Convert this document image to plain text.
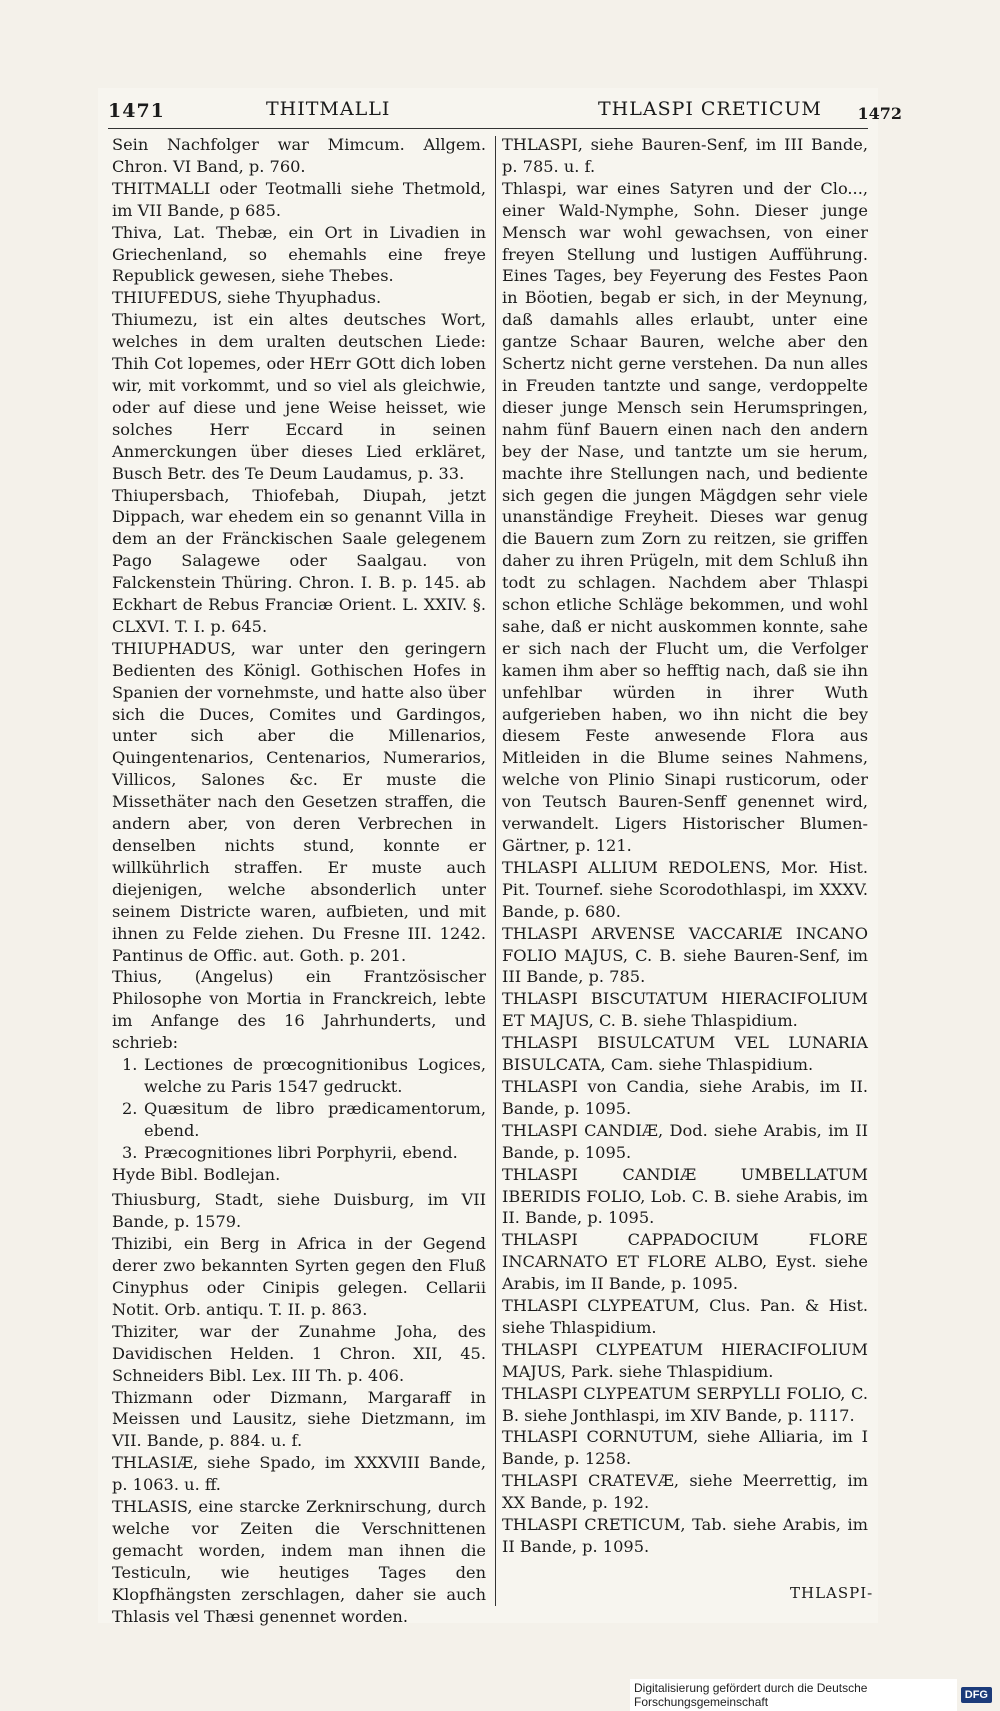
1471	THITMALLI	THLASPI CRETICUM 1472

Sein Nachfolger war Mimcum. Allgem. Chron. VI Band, p. 760.

THITMALLI oder Teotmalli siehe Thetmold, im VII Bande, p 685.

Thiva, Lat. Thebæ, ein Ort in Livadien in Griechenland, so ehemahls eine freye Republick gewesen, siehe Thebes.

THIUFEDUS, siehe Thyuphadus.

Thiumezu, ist ein altes deutsches Wort, welches in dem uralten deutschen Liede: Thih Cot lopemes, oder HErr GOtt dich loben wir, mit vorkommt, und so viel als gleichwie, oder auf diese und jene Weise heisset, wie solches Herr Eccard in seinen Anmerckungen über dieses Lied erkläret, Busch Betr. des Te Deum Laudamus, p. 33.

Thiupersbach, Thiofebah, Diupah, jetzt Dippach, war ehedem ein so genannt Villa in dem an der Fränckischen Saale gelegenem Pago Salagewe oder Saalgau. von Falckenstein Thüring. Chron. I. B. p. 145. ab Eckhart de Rebus Franciæ Orient. L. XXIV. §. CLXVI. T. I. p. 645.

THIUPHADUS, war unter den geringern Bedienten des Königl. Gothischen Hofes in Spanien der vornehmste, und hatte also über sich die Duces, Comites und Gardingos, unter sich aber die Millenarios, Quingentenarios, Centenarios, Numerarios, Villicos, Salones &c. Er muste die Missethäter nach den Gesetzen straffen, die andern aber, von deren Verbrechen in denselben nichts stund, konnte er willkührlich straffen. Er muste auch diejenigen, welche absonderlich unter seinem Districte waren, aufbieten, und mit ihnen zu Felde ziehen. Du Fresne III. 1242. Pantinus de Offic. aut. Goth. p. 201.

Thius, (Angelus) ein Frantzösischer Philosophe von Mortia in Franckreich, lebte im Anfange des 16 Jahrhunderts, und schrieb:

1. Lectiones de prœcognitionibus Logices, welche zu Paris 1547 gedruckt.
2. Quæsitum de libro prædicamentorum, ebend.
3. Præcognitiones libri Porphyrii, ebend.

Hyde Bibl. Bodlejan.

Thiusburg, Stadt, siehe Duisburg, im VII Bande, p. 1579.

Thizibi, ein Berg in Africa in der Gegend derer zwo bekannten Syrten gegen den Fluß Cinyphus oder Cinipis gelegen. Cellarii Notit. Orb. antiqu. T. II. p. 863.

Thiziter, war der Zunahme Joha, des Davidischen Helden. 1 Chron. XII, 45. Schneiders Bibl. Lex. III Th. p. 406.

Thizmann oder Dizmann, Margaraff in Meissen und Lausitz, siehe Dietzmann, im VII. Bande, p. 884. u. f.

THLASIÆ, siehe Spado, im XXXVIII Bande, p. 1063. u. ff.

THLASIS, eine starcke Zerknirschung, durch welche vor Zeiten die Verschnittenen gemacht worden, indem man ihnen die Testiculn, wie heutiges Tages den Klopfhängsten zerschlagen, daher sie auch Thlasis vel Thæsi genennet worden.

THLASPI, siehe Bauren-Senf, im III Bande, p. 785. u. f.

Thlaspi, war eines Satyren und der Clo..., einer Wald-Nymphe, Sohn. Dieser junge Mensch war wohl gewachsen, von einer freyen Stellung und lustigen Aufführung. Eines Tages, bey Feyerung des Festes Paon in Böotien, begab er sich, in der Meynung, daß damahls alles erlaubt, unter eine gantze Schaar Bauren, welche aber den Schertz nicht gerne verstehen. Da nun alles in Freuden tantzte und sange, verdoppelte dieser junge Mensch sein Herumspringen, nahm fünf Bauern einen nach den andern bey der Nase, und tantzte um sie herum, machte ihre Stellungen nach, und bediente sich gegen die jungen Mägdgen sehr viele unanständige Freyheit. Dieses war genug die Bauern zum Zorn zu reitzen, sie griffen daher zu ihren Prügeln, mit dem Schluß ihn todt zu schlagen. Nachdem aber Thlaspi schon etliche Schläge bekommen, und wohl sahe, daß er nicht auskommen konnte, sahe er sich nach der Flucht um, die Verfolger kamen ihm aber so hefftig nach, daß sie ihn unfehlbar würden in ihrer Wuth aufgerieben haben, wo ihn nicht die bey diesem Feste anwesende Flora aus Mitleiden in die Blume seines Nahmens, welche von Plinio Sinapi rusticorum, oder von Teutsch Bauren-Senff genennet wird, verwandelt. Ligers Historischer Blumen-Gärtner, p. 121.

THLASPI ALLIUM REDOLENS, Mor. Hist. Pit. Tournef. siehe Scorodothlaspi, im XXXV. Bande, p. 680.

THLASPI ARVENSE VACCARIÆ INCANO FOLIO MAJUS, C. B. siehe Bauren-Senf, im III Bande, p. 785.

THLASPI BISCUTATUM HIERACIFOLIUM ET MAJUS, C. B. siehe Thlaspidium.

THLASPI BISULCATUM VEL LUNARIA BISULCATA, Cam. siehe Thlaspidium.

THLASPI von Candia, siehe Arabis, im II. Bande, p. 1095.

THLASPI CANDIÆ, Dod. siehe Arabis, im II Bande, p. 1095.

THLASPI CANDIÆ UMBELLATUM IBERIDIS FOLIO, Lob. C. B. siehe Arabis, im II. Bande, p. 1095.

THLASPI CAPPADOCIUM FLORE INCARNATO ET FLORE ALBO, Eyst. siehe Arabis, im II Bande, p. 1095.

THLASPI CLYPEATUM, Clus. Pan. & Hist. siehe Thlaspidium.

THLASPI CLYPEATUM HIERACIFOLIUM MAJUS, Park. siehe Thlaspidium.

THLASPI CLYPEATUM SERPYLLI FOLIO, C. B. siehe Jonthlaspi, im XIV Bande, p. 1117.

THLASPI CORNUTUM, siehe Alliaria, im I Bande, p. 1258.

THLASPI CRATEVÆ, siehe Meerrettig, im XX Bande, p. 192.

THLASPI CRETICUM, Tab. siehe Arabis, im II Bande, p. 1095.

THLASPI-
Digitalisierung gefördert durch die Deutsche Forschungsgemeinschaft	DFG
